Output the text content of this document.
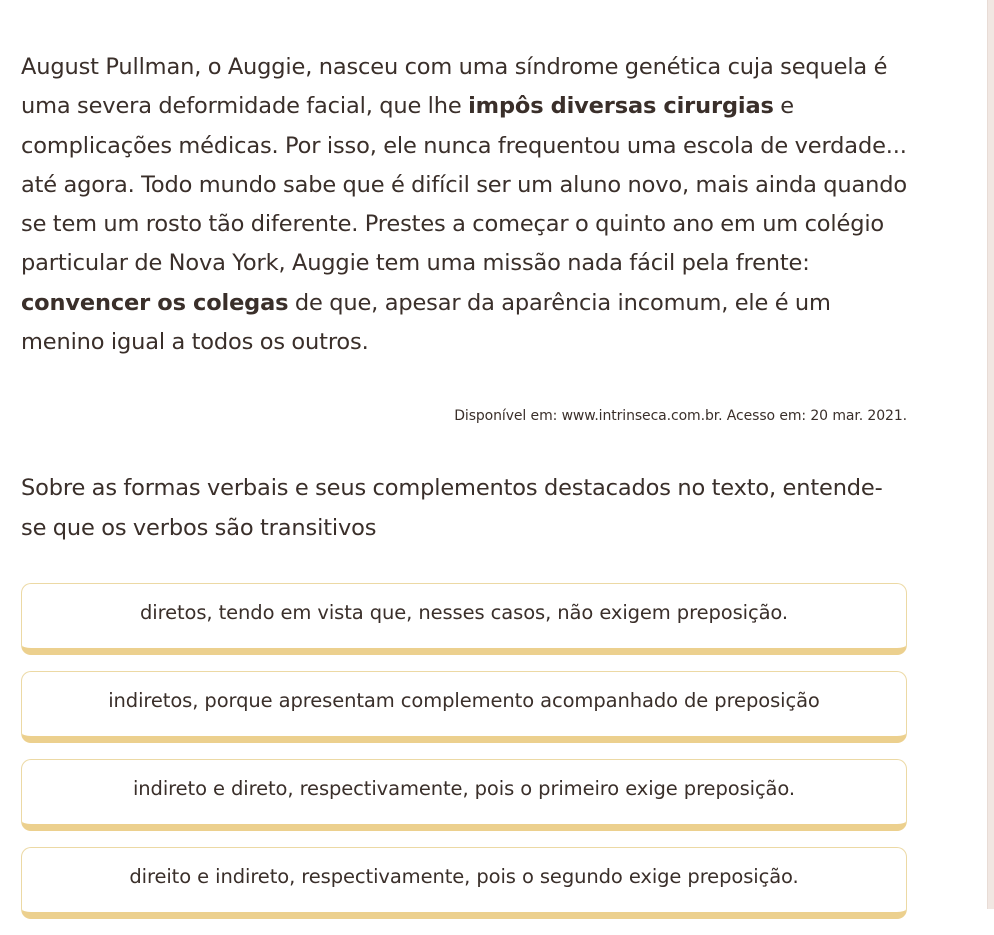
August Pullman, o Auggie, nasceu com uma síndrome genética cuja sequela é uma severa deformidade facial, que lhe impôs diversas cirurgias e complicações médicas. Por isso, ele nunca frequentou uma escola de verdade... até agora. Todo mundo sabe que é difícil ser um aluno novo, mais ainda quando se tem um rosto tão diferente. Prestes a começar o quinto ano em um colégio particular de Nova York, Auggie tem uma missão nada fácil pela frente: convencer os colegas de que, apesar da aparência incomum, ele é um menino igual a todos os outros.

Disponível em: www.intrinseca.com.br. Acesso em: 20 mar. 2021.
Sobre as formas verbais e seus complementos destacados no texto, entende-se que os verbos são transitivos
diretos, tendo em vista que, nesses casos, não exigem preposição.
indiretos, porque apresentam complemento acompanhado de preposição
indireto e direto, respectivamente, pois o primeiro exige preposição.
direito e indireto, respectivamente, pois o segundo exige preposição.
